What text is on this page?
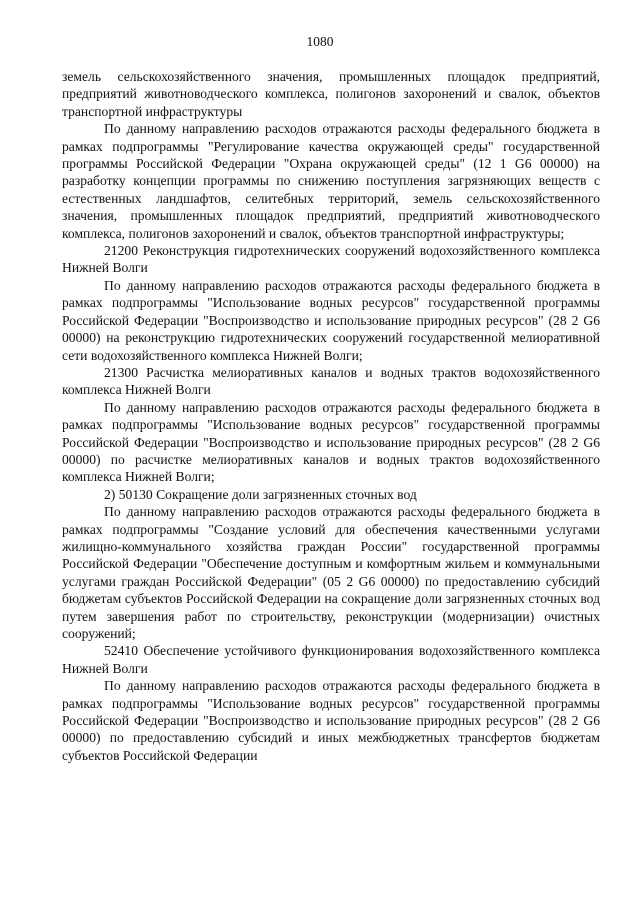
1080

земель сельскохозяйственного значения, промышленных площадок предприятий, предприятий животноводческого комплекса, полигонов захоронений и свалок, объектов транспортной инфраструктуры

По данному направлению расходов отражаются расходы федерального бюджета в рамках подпрограммы "Регулирование качества окружающей среды" государственной программы Российской Федерации "Охрана окружающей среды" (12 1 G6 00000) на разработку концепции программы по снижению поступления загрязняющих веществ с естественных ландшафтов, селитебных территорий, земель сельскохозяйственного значения, промышленных площадок предприятий, предприятий животноводческого комплекса, полигонов захоронений и свалок, объектов транспортной инфраструктуры;

21200 Реконструкция гидротехнических сооружений водохозяйственного комплекса Нижней Волги

По данному направлению расходов отражаются расходы федерального бюджета в рамках подпрограммы "Использование водных ресурсов" государственной программы Российской Федерации "Воспроизводство и использование природных ресурсов" (28 2 G6 00000) на реконструкцию гидротехнических сооружений государственной мелиоративной сети водохозяйственного комплекса Нижней Волги;

21300 Расчистка мелиоративных каналов и водных трактов водохозяйственного комплекса Нижней Волги

По данному направлению расходов отражаются расходы федерального бюджета в рамках подпрограммы "Использование водных ресурсов" государственной программы Российской Федерации "Воспроизводство и использование природных ресурсов" (28 2 G6 00000) по расчистке мелиоративных каналов и водных трактов водохозяйственного комплекса Нижней Волги;

2) 50130 Сокращение доли загрязненных сточных вод

По данному направлению расходов отражаются расходы федерального бюджета в рамках подпрограммы "Создание условий для обеспечения качественными услугами жилищно-коммунального хозяйства граждан России" государственной программы Российской Федерации "Обеспечение доступным и комфортным жильем и коммунальными услугами граждан Российской Федерации" (05 2 G6 00000) по предоставлению субсидий бюджетам субъектов Российской Федерации на сокращение доли загрязненных сточных вод путем завершения работ по строительству, реконструкции (модернизации) очистных сооружений;

52410 Обеспечение устойчивого функционирования водохозяйственного комплекса Нижней Волги

По данному направлению расходов отражаются расходы федерального бюджета в рамках подпрограммы "Использование водных ресурсов" государственной программы Российской Федерации "Воспроизводство и использование природных ресурсов" (28 2 G6 00000) по предоставлению субсидий и иных межбюджетных трансфертов бюджетам субъектов Российской Федерации
